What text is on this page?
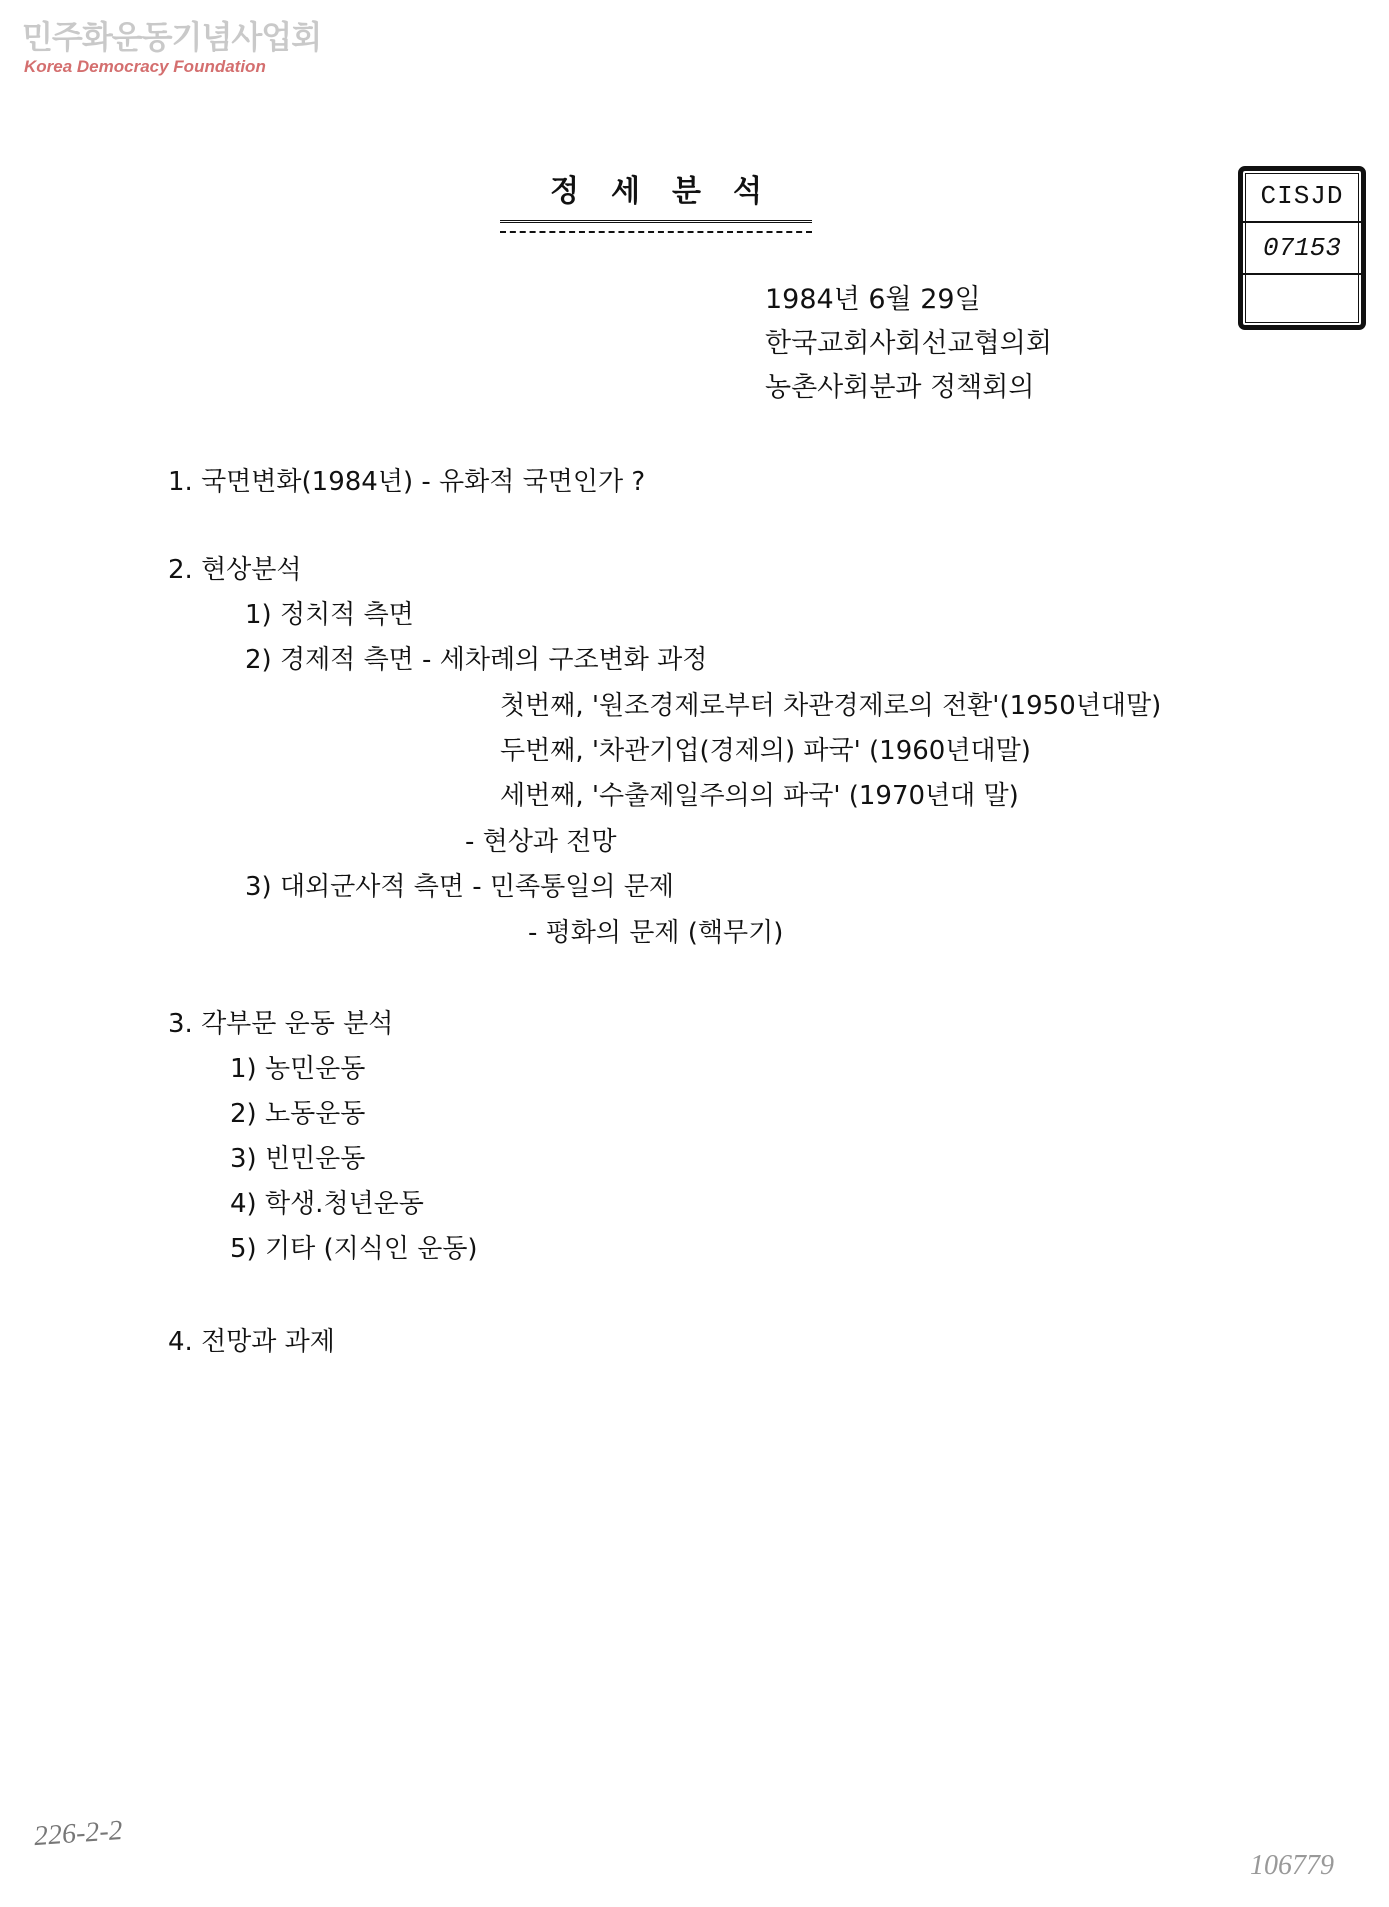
민주화운동기념사업회
Korea Democracy Foundation
정세분석	CISJD
07153
1984년 6월 29일
한국교회사회선교협의회
농촌사회분과 정책회의
1. 국면변화(1984년) - 유화적 국면인가 ?
2. 현상분석
1) 정치적 측면
2) 경제적 측면 - 세차례의 구조변화 과정
첫번째, '원조경제로부터 차관경제로의 전환'(1950년대말)
두번째, '차관기업(경제의) 파국' (1960년대말)
세번째, '수출제일주의의 파국' (1970년대 말)
- 현상과 전망
3) 대외군사적 측면 - 민족통일의 문제
- 평화의 문제 (핵무기)
3. 각부문 운동 분석
1) 농민운동
2) 노동운동
3) 빈민운동
4) 학생.청년운동
5) 기타 (지식인 운동)
4. 전망과 과제
226-2-2
106779
